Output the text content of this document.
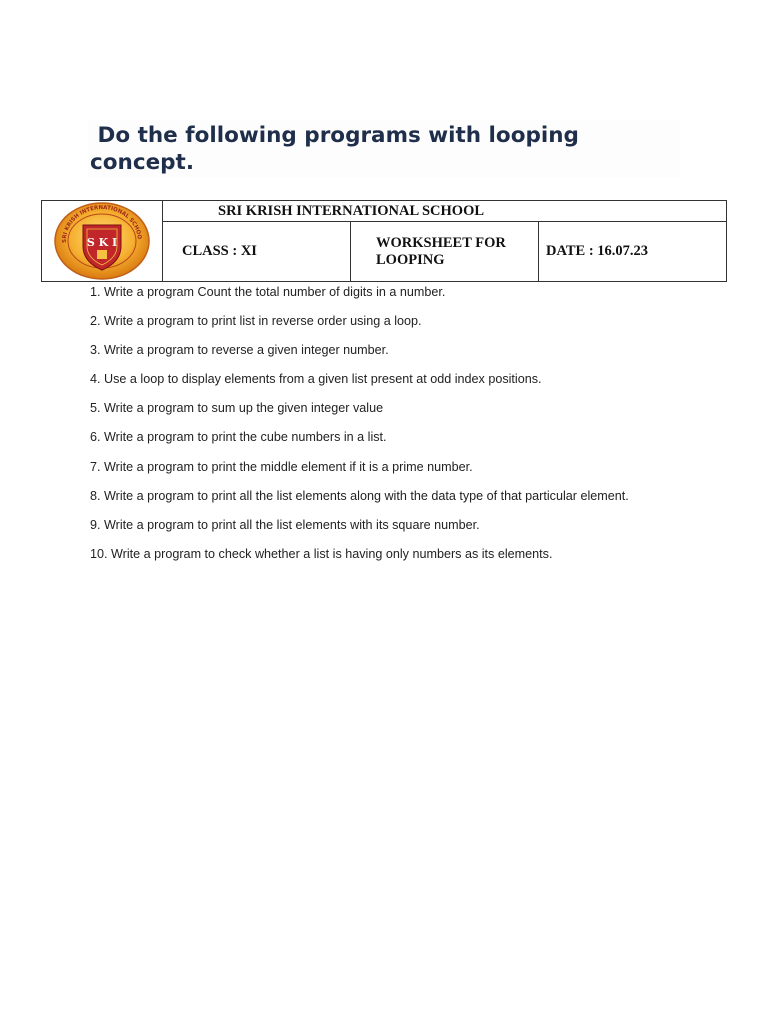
Do the following programs with looping
concept.

SRI KRISH INTERNATIONAL SCHOO
S K I	SRI KRISH INTERNATIONAL SCHOOL		
	CLASS : XI	WORKSHEET FOR LOOPING	DATE : 16.07.23
1. Write a program Count the total number of digits in a number.
2. Write a program to print list in reverse order using a loop.
3. Write a program to reverse a given integer number.
4. Use a loop to display elements from a given list present at odd index positions.
5. Write a program to sum up the given integer value
6. Write a program to print the cube numbers in a list.
7. Write a program to print the middle element if it is a prime number.
8. Write a program to print all the list elements along with the data type of that particular element.
9. Write a program to print all the list elements with its square number.
10. Write a program to check whether a list is having only numbers as its elements.
